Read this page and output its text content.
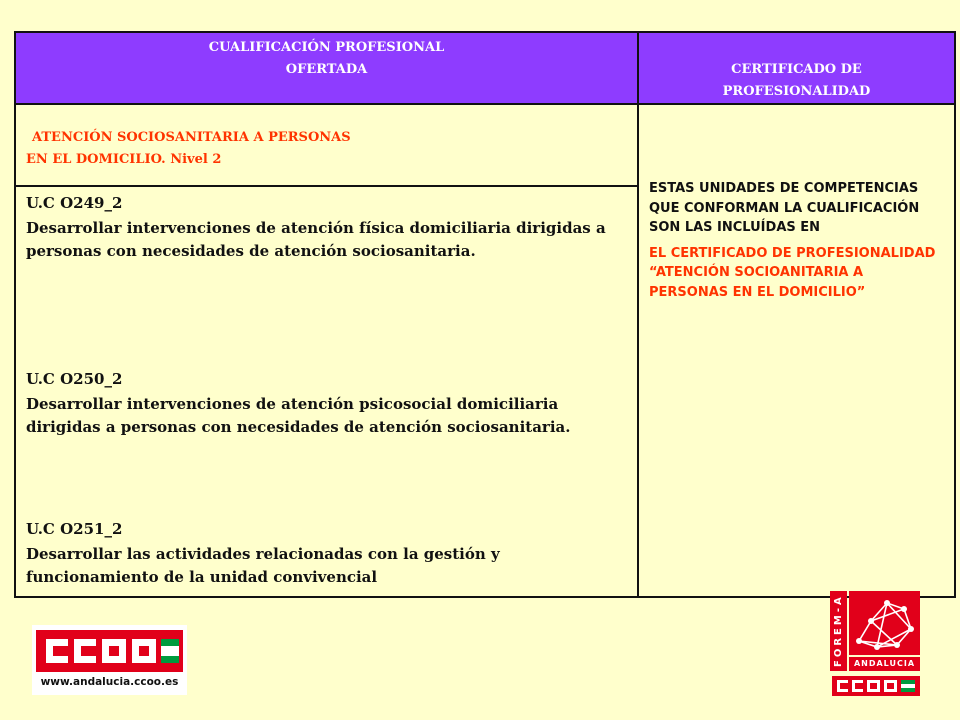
CUALIFICACIÓN PROFESIONAL
OFERTADA	CERTIFICADO DE
PROFESIONALIDAD
ATENCIÓN SOCIOSANITARIA A PERSONAS
EN EL DOMICILIO. Nivel 2
U.C O249_2
Desarrollar intervenciones de atención física domiciliaria dirigidas a personas con necesidades de atención sociosanitaria.
U.C O250_2
Desarrollar intervenciones de atención psicosocial domiciliaria dirigidas a personas con necesidades de atención sociosanitaria.
U.C O251_2
Desarrollar las actividades relacionadas con la gestión y funcionamiento de la unidad convivencial
ESTAS UNIDADES DE COMPETENCIAS QUE CONFORMAN LA CUALIFICACIÓN SON LAS INCLUÍDAS EN
EL CERTIFICADO DE PROFESIONALIDAD “ATENCIÓN SOCIOANITARIA A PERSONAS EN EL DOMICILIO”
www.andalucia.ccoo.es
FOREM-A	ANDALUCIA
